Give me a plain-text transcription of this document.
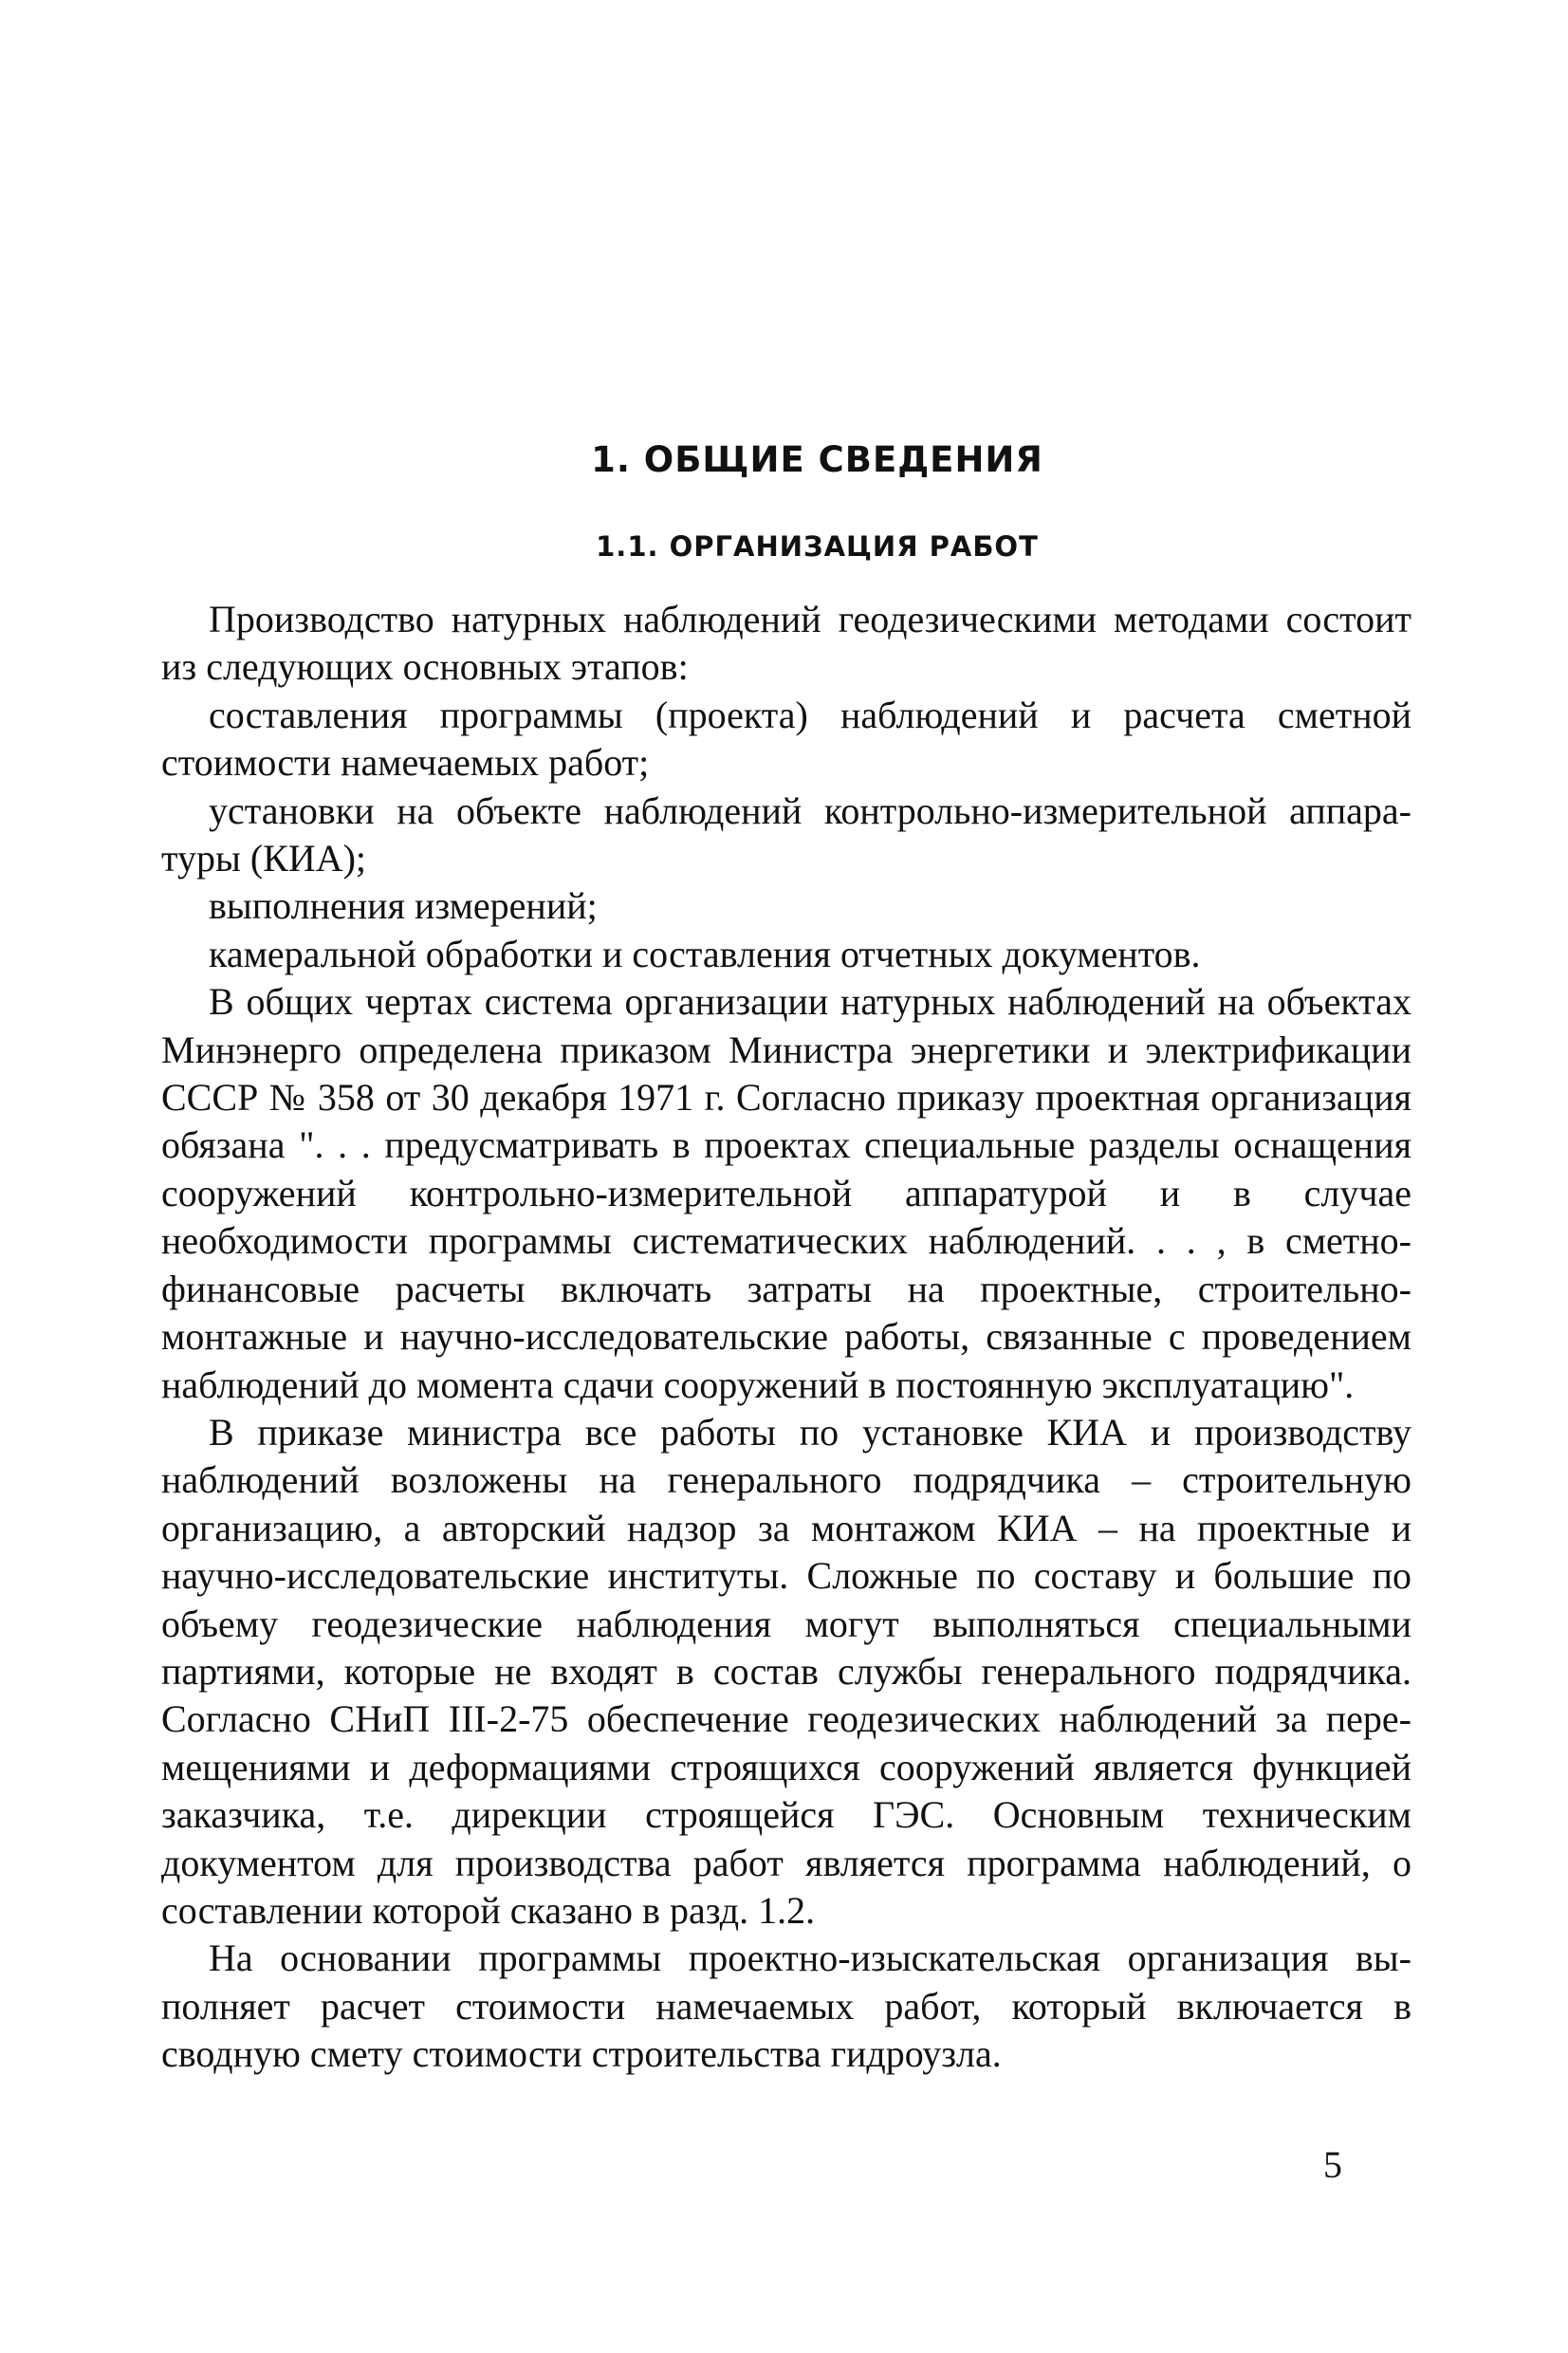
1. ОБЩИЕ СВЕДЕНИЯ
1.1. ОРГАНИЗАЦИЯ РАБОТ

Производство натурных наблюдений геодезическими методами состоит из следующих основных этапов:

составления программы (проекта) наблюдений и расчета сметной стоимости намечаемых работ;

установки на объекте наблюдений контрольно-измерительной аппаратуры (КИА);

выполнения измерений;

камеральной обработки и составления отчетных документов.

В общих чертах система организации натурных наблюдений на объектах Минэнерго определена приказом Министра энергетики и электрификации СССР № 358 от 30 декабря 1971 г. Согласно приказу проектная организация обязана ". . . предусматривать в проектах специальные разделы оснащения сооружений контрольно-измерительной аппаратурой и в случае необходимости программы систематических наблюдений. . . , в сметно-финансовые расчеты включать затраты на проектные, строительно-монтажные и научно-исследовательские работы, связанные с проведением наблюдений до момента сдачи сооружений в постоянную эксплуатацию".

В приказе министра все работы по установке КИА и производству наблюдений возложены на генерального подрядчика – строительную организацию, а авторский надзор за монтажом КИА – на проектные и научно-исследовательские институты. Сложные по составу и большие по объему геодезические наблюдения могут выполняться специальными партиями, которые не входят в состав службы генерального подрядчика. Согласно СНиП III-2-75 обеспечение геодезических наблюдений за перемещениями и деформациями строящихся сооружений является функцией заказчика, т.е. дирекции строящейся ГЭС. Основным техническим документом для производства работ является программа наблюдений, о составлении которой сказано в разд. 1.2.

На основании программы проектно-изыскательская организация выполняет расчет стоимости намечаемых работ, который включается в сводную смету стоимости строительства гидроузла.

5
